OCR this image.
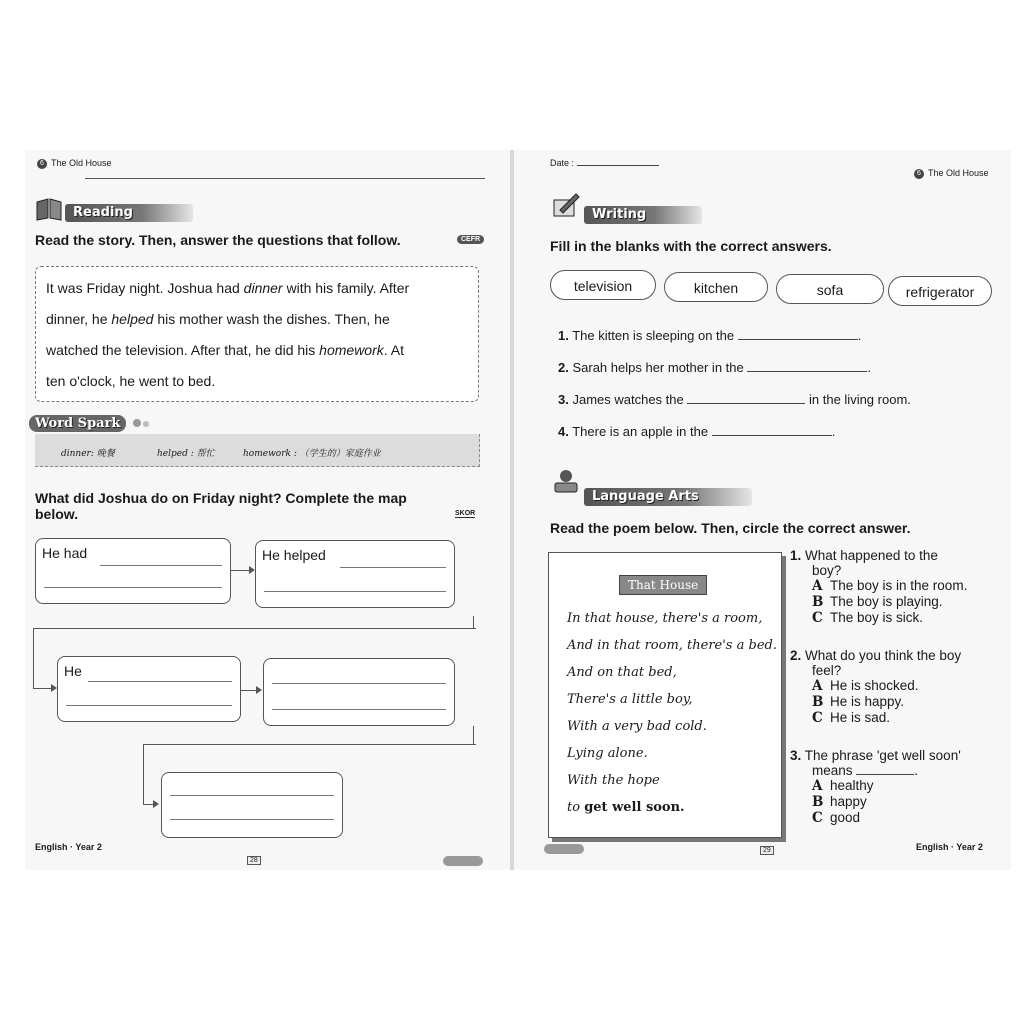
6 The Old House
Reading
Read the story. Then, answer the questions that follow.	CEFR
It was Friday night. Joshua had dinner with his family. After
dinner, he helped his mother wash the dishes. Then, he
watched the television. After that, he did his homework. At
ten o'clock, he went to bed.
Word Spark
dinner: 晚餐	helped : 帮忙	homework : （学生的）家庭作业
What did Joshua do on Friday night? Complete the map
below.	SKOR
He had	He helped
He
English · Year 2
28
Date :
6 The Old House
Writing
Fill in the blanks with the correct answers.
television	kitchen	sofa	refrigerator
1. The kitten is sleeping on the	.
2. Sarah helps her mother in the	.
3. James watches the	in the living room.
4. There is an apple in the	.
Language Arts
Read the poem below. Then, circle the correct answer.
That House
In that house, there's a room,
And in that room, there's a bed.
And on that bed,
There's a little boy,
With a very bad cold.
Lying alone.
With the hope
to get well soon.
1. What happened to the
boy?
A The boy is in the room.
B The boy is playing.
C The boy is sick.
2. What do you think the boy
feel?
A He is shocked.
B He is happy.
C He is sad.
3. The phrase 'get well soon'
means	.
A healthy
B happy
C good
29	English · Year 2
